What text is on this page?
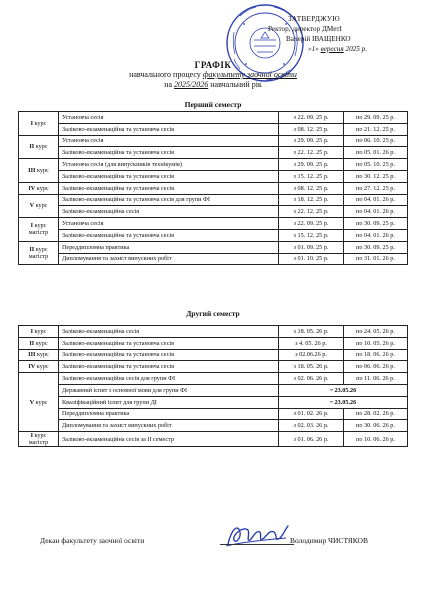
ЗАТВЕРДЖУЮ
Ректор, директор ДМетІ
Валерій ІВАЩЕНКО
«1» вересня 2025 р.
ГРАФІК
навчального процесу факультету заочної освіти
на 2025/2026 навчальний рік
Перший семестр
I курс	Установча сесія	з 22. 09. 25 р.	по 29. 09. 25 р.
	Заліково-екзаменаційна та установча сесія	з 08. 12. 25 р.	по 21. 12. 25 р.
II курс	Установча сесія	з 29. 09. 25 р.	по 06. 10. 25 р.
	Заліково-екзаменаційна та установча сесія	з 22. 12. 25 р.	по 05. 01. 26 р.
III курс	Установча сесія (для випускників технікумів)	з 29. 09. 25 р.	по 05. 10. 25 р.
	Заліково-екзаменаційна та установча сесія	з 15. 12. 25 р.	по 30. 12. 25 р.
IV курс	Заліково-екзаменаційна та установча сесія	з 08. 12. 25 р.	по 27. 12. 25 р.
V курс	Заліково-екзаменаційна та установча сесія для групи ФІ	з 18. 12. 25 р.	по 04. 01. 26 р.
	Заліково-екзаменаційна сесія	з 22. 12. 25 р.	по 04. 01. 26 р.
I курс
магістр	Установча сесія	з 22. 09. 25 р.	по 30. 09. 25 р.
	Заліково-екзаменаційна та установча сесія	з 15. 12. 25 р.	по 04. 01. 26 р.
II курс
магістр	Переддипломна практика	з 01. 09. 25 р.	по 30. 09. 25 р.
	Дипломування та захист випускних робіт	з 01. 10. 25 р.	по 31. 01. 26 р.
Другий семестр
I курс	Заліково-екзаменаційна сесія	з 18. 05. 26 р.	по 24. 05. 26 р.
II курс	Заліково-екзаменаційна та установча сесія	з 4. 05. 26 р.	по 10. 05. 26 р.
III курс	Заліково-екзаменаційна та установча сесія	з 02.06.26 р.	по 18. 06. 26 р.
IV курс	Заліково-екзаменаційна та установча сесія	з 18. 05. 26 р.	по 06. 06. 26 р.
V курс	Заліково-екзаменаційна сесія для групи ФІ	з 02. 06. 26 р.	по 11. 06. 26 р.
	Державний іспит з основної мови для групи ФІ	~ 23.05.26	
	Кваліфікаційний іспит для групи ДІ	~ 23.05.26	
	Переддипломна практика	з 01. 02. 26 р.	по 28. 02. 26 р.
	Дипломування та захист випускних робіт	з 02. 03. 26 р.	по 30. 06. 26 р.
I курс
магістр	Заліково-екзаменаційна сесія за II семестр	з 01. 06. 26 р.	по 10. 06. 26 р.
Декан факультету заочної освіти	Володимир ЧИСТЯКОВ
